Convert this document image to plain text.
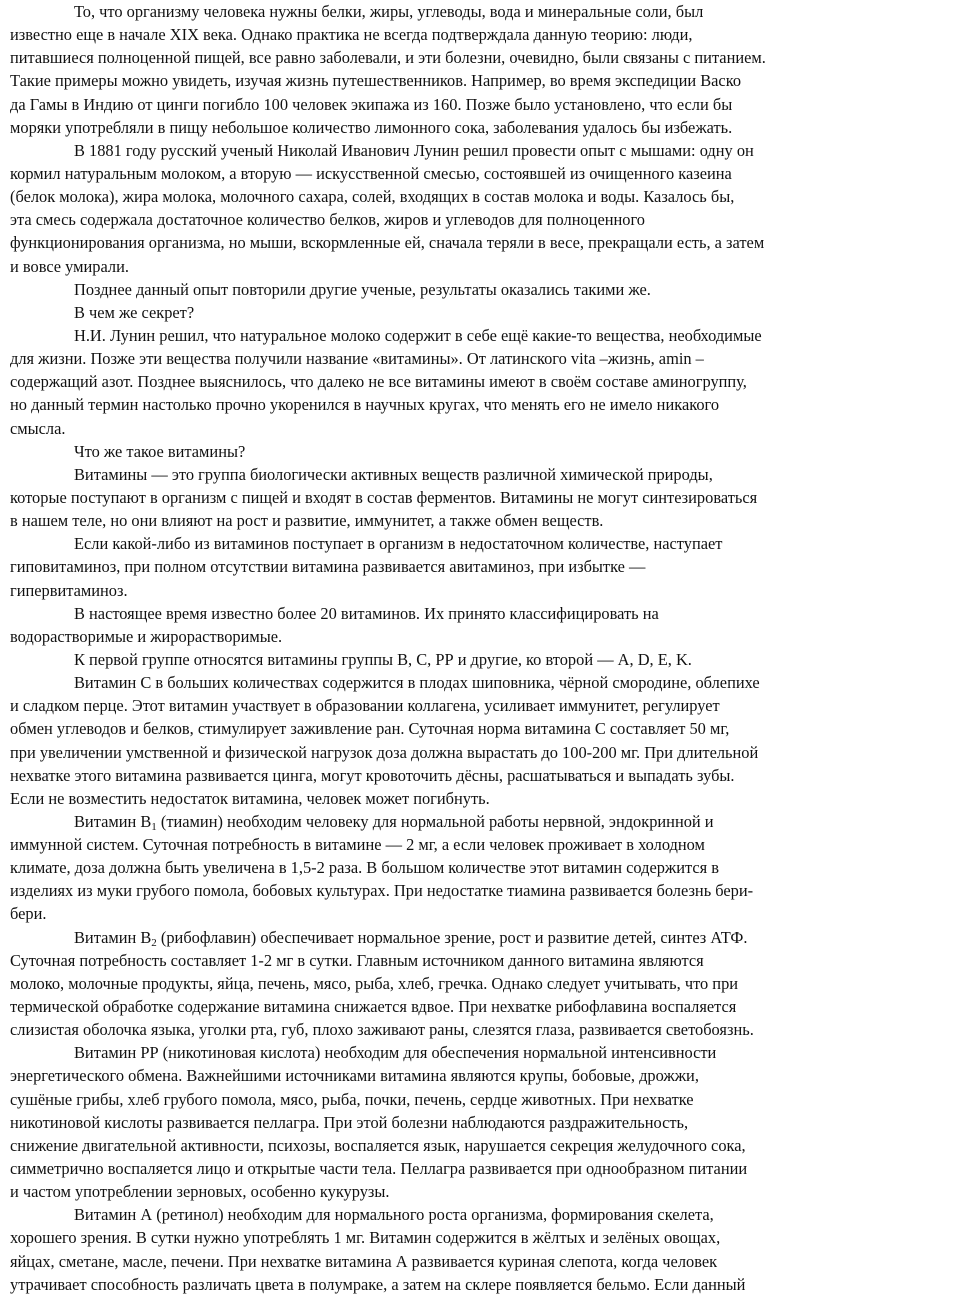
То, что организму человека нужны белки, жиры, углеводы, вода и минеральные соли, был
известно еще в начале XIX века. Однако практика не всегда подтверждала данную теорию: люди,
питавшиеся полноценной пищей, все равно заболевали, и эти болезни, очевидно, были связаны с питанием.
Такие примеры можно увидеть, изучая жизнь путешественников. Например, во время экспедиции Васко
да Гамы в Индию от цинги погибло 100 человек экипажа из 160. Позже было установлено, что если бы
моряки употребляли в пищу небольшое количество лимонного сока, заболевания удалось бы избежать.
В 1881 году русский ученый Николай Иванович Лунин решил провести опыт с мышами: одну он
кормил натуральным молоком, а вторую — искусственной смесью, состоявшей из очищенного казеина
(белок молока), жира молока, молочного сахара, солей, входящих в состав молока и воды. Казалось бы,
эта смесь содержала достаточное количество белков, жиров и углеводов для полноценного
функционирования организма, но мыши, вскормленные ей, сначала теряли в весе, прекращали есть, а затем
и вовсе умирали.
Позднее данный опыт повторили другие ученые, результаты оказались такими же.
В чем же секрет?
Н.И. Лунин решил, что натуральное молоко содержит в себе ещё какие-то вещества, необходимые
для жизни. Позже эти вещества получили название «витамины». От латинского vita –жизнь, amin –
содержащий азот. Позднее выяснилось, что далеко не все витамины имеют в своём составе аминогруппу,
но данный термин настолько прочно укоренился в научных кругах, что менять его не имело никакого
смысла.
Что же такое витамины?
Витамины — это группа биологически активных веществ различной химической природы,
которые поступают в организм с пищей и входят в состав ферментов. Витамины не могут синтезироваться
в нашем теле, но они влияют на рост и развитие, иммунитет, а также обмен веществ.
Если какой-либо из витаминов поступает в организм в недостаточном количестве, наступает
гиповитаминоз, при полном отсутствии витамина развивается авитаминоз, при избытке —
гипервитаминоз.
В настоящее время известно более 20 витаминов. Их принято классифицировать на
водорастворимые и жирорастворимые.
К первой группе относятся витамины группы В, С, РР и другие, ко второй — А, D, E, K.
Витамин С в больших количествах содержится в плодах шиповника, чёрной смородине, облепихе
и сладком перце. Этот витамин участвует в образовании коллагена, усиливает иммунитет, регулирует
обмен углеводов и белков, стимулирует заживление ран. Суточная норма витамина С составляет 50 мг,
при увеличении умственной и физической нагрузок доза должна вырастать до 100-200 мг. При длительной
нехватке этого витамина развивается цинга, могут кровоточить дёсны, расшатываться и выпадать зубы.
Если не возместить недостаток витамина, человек может погибнуть.
Витамин $В_1$ (тиамин) необходим человеку для нормальной работы нервной, эндокринной и
иммунной систем. Суточная потребность в витамине — 2 мг, а если человек проживает в холодном
климате, доза должна быть увеличена в 1,5-2 раза. В большом количестве этот витамин содержится в
изделиях из муки грубого помола, бобовых культурах. При недостатке тиамина развивается болезнь бери-
бери.
Витамин $В_2$ (рибофлавин) обеспечивает нормальное зрение, рост и развитие детей, синтез АТФ.
Суточная потребность составляет 1-2 мг в сутки. Главным источником данного витамина являются
молоко, молочные продукты, яйца, печень, мясо, рыба, хлеб, гречка. Однако следует учитывать, что при
термической обработке содержание витамина снижается вдвое. При нехватке рибофлавина воспаляется
слизистая оболочка языка, уголки рта, губ, плохо заживают раны, слезятся глаза, развивается светобоязнь.
Витамин РР (никотиновая кислота) необходим для обеспечения нормальной интенсивности
энергетического обмена. Важнейшими источниками витамина являются крупы, бобовые, дрожжи,
сушёные грибы, хлеб грубого помола, мясо, рыба, почки, печень, сердце животных. При нехватке
никотиновой кислоты развивается пеллагра. При этой болезни наблюдаются раздражительность,
снижение двигательной активности, психозы, воспаляется язык, нарушается секреция желудочного сока,
симметрично воспаляется лицо и открытые части тела. Пеллагра развивается при однообразном питании
и частом употреблении зерновых, особенно кукурузы.
Витамин А (ретинол) необходим для нормального роста организма, формирования скелета,
хорошего зрения. В сутки нужно употреблять 1 мг. Витамин содержится в жёлтых и зелёных овощах,
яйцах, сметане, масле, печени. При нехватке витамина А развивается куриная слепота, когда человек
утрачивает способность различать цвета в полумраке, а затем на склере появляется бельмо. Если данный
